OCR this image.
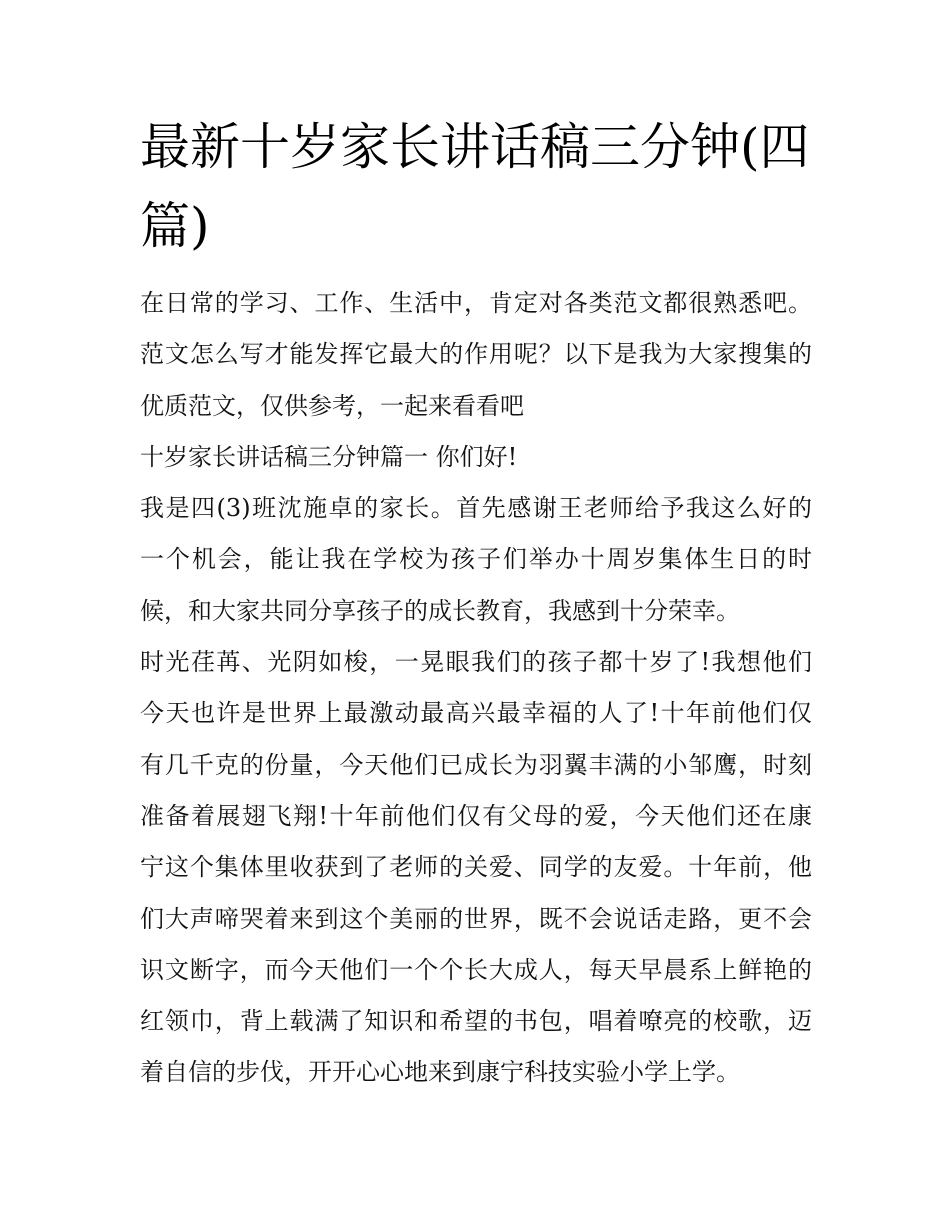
最新十岁家长讲话稿三分钟(四
篇)
在日常的学习、工作、生活中，肯定对各类范文都很熟悉吧。
范文怎么写才能发挥它最大的作用呢？以下是我为大家搜集的
优质范文，仅供参考，一起来看看吧
十岁家长讲话稿三分钟篇一 你们好!
我是四(3)班沈施卓的家长。首先感谢王老师给予我这么好的
一个机会，能让我在学校为孩子们举办十周岁集体生日的时
候，和大家共同分享孩子的成长教育，我感到十分荣幸。
时光荏苒、光阴如梭，一晃眼我们的孩子都十岁了!我想他们
今天也许是世界上最激动最高兴最幸福的人了!十年前他们仅
有几千克的份量，今天他们已成长为羽翼丰满的小邹鹰，时刻
准备着展翅飞翔!十年前他们仅有父母的爱，今天他们还在康
宁这个集体里收获到了老师的关爱、同学的友爱。十年前，他
们大声啼哭着来到这个美丽的世界，既不会说话走路，更不会
识文断字，而今天他们一个个长大成人，每天早晨系上鲜艳的
红领巾，背上载满了知识和希望的书包，唱着嘹亮的校歌，迈
着自信的步伐，开开心心地来到康宁科技实验小学上学。
